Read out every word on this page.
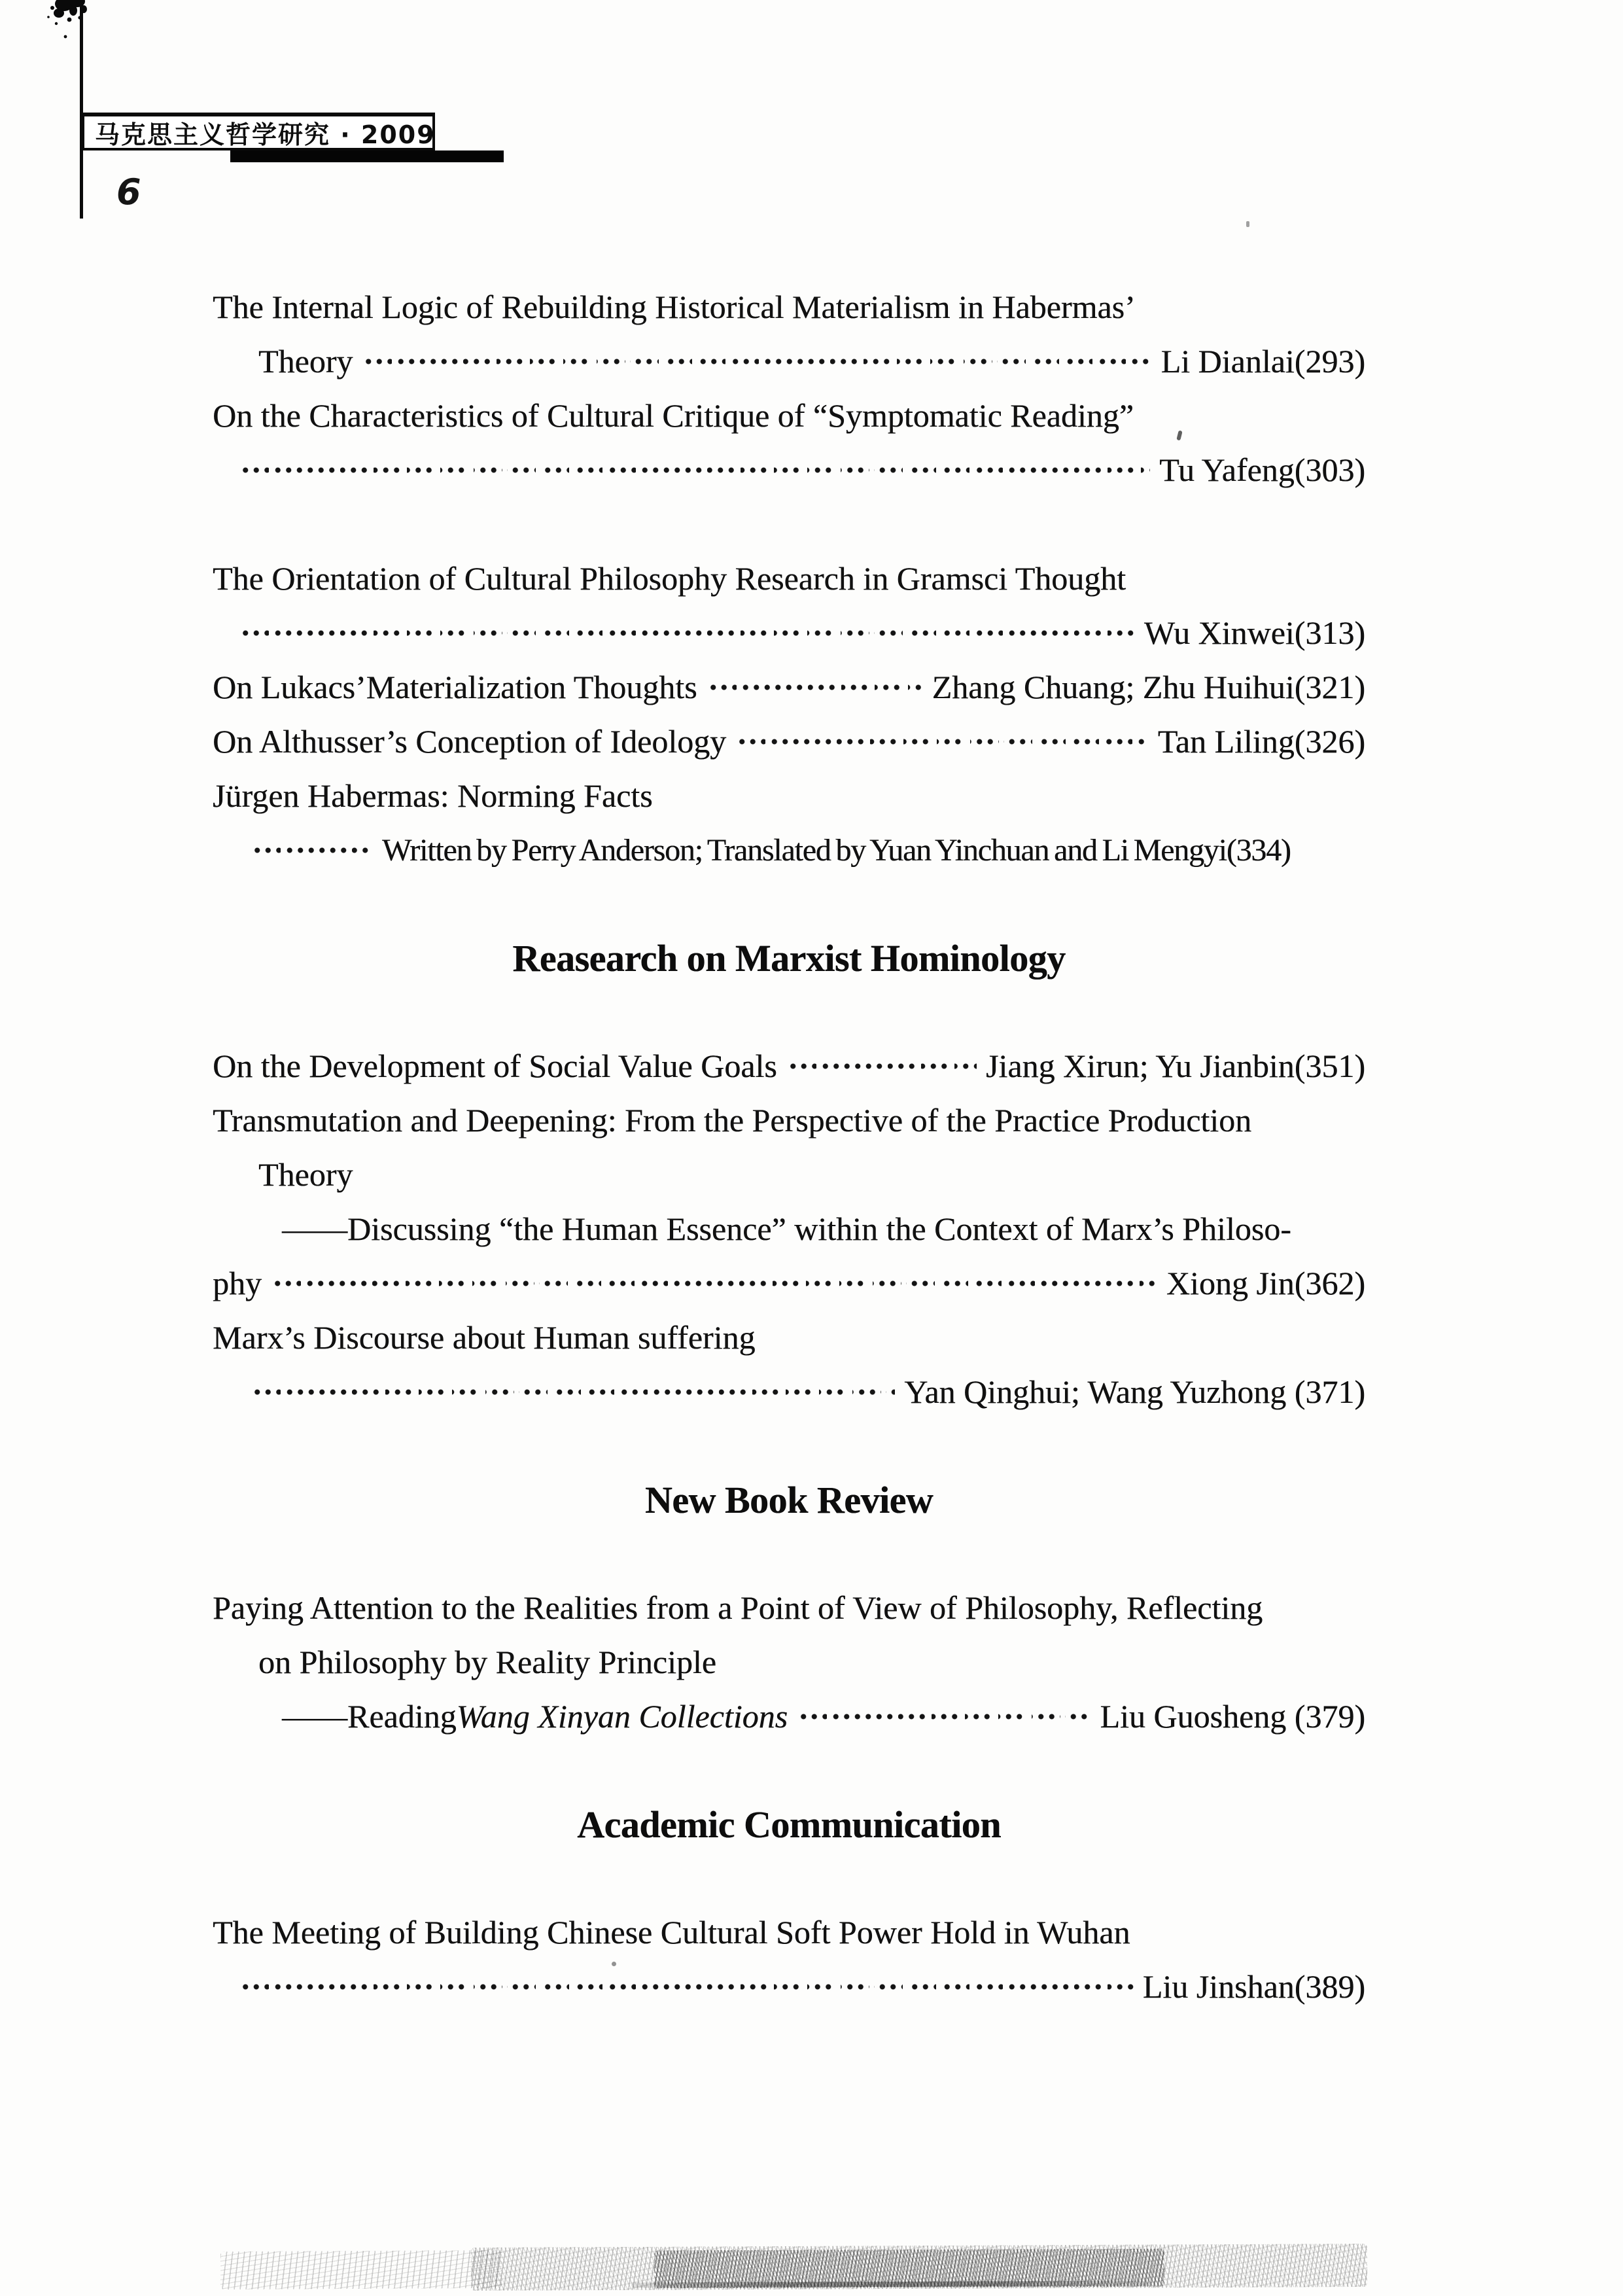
马克思主义哲学研究 · 2009
6
The Internal Logic of Rebuilding Historical Materialism in Habermas’
Theory	Li Dianlai(293)
On the Characteristics of Cultural Critique of “Symptomatic Reading”
Tu Yafeng(303)
The Orientation of Cultural Philosophy Research in Gramsci Thought
Wu Xinwei(313)
On Lukacs’Materialization Thoughts	Zhang Chuang; Zhu Huihui(321)
On Althusser’s Conception of Ideology	Tan Liling(326)
Jürgen Habermas: Norming Facts
Written by Perry Anderson; Translated by Yuan Yinchuan and Li Mengyi(334)
Reasearch on Marxist Hominology
On the Development of Social Value Goals	Jiang Xirun; Yu Jianbin(351)
Transmutation and Deepening: From the Perspective of the Practice Production
Theory
——Discussing “the Human Essence” within the Context of Marx’s Philoso-
phy	Xiong Jin(362)
Marx’s Discourse about Human suffering
Yan Qinghui; Wang Yuzhong (371)
New Book Review
Paying Attention to the Realities from a Point of View of Philosophy, Reflecting
on Philosophy by Reality Principle
——Reading Wang Xinyan Collections	Liu Guosheng (379)
Academic Communication
The Meeting of Building Chinese Cultural Soft Power Hold in Wuhan
Liu Jinshan(389)
